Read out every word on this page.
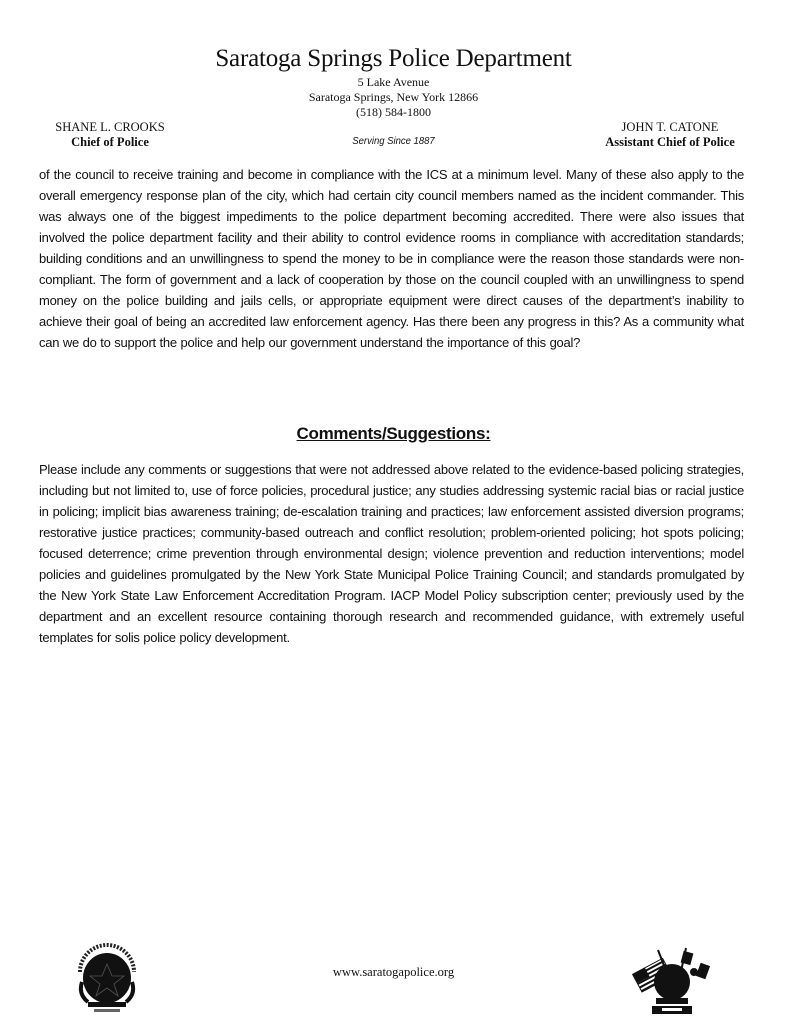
Saratoga Springs Police Department
5 Lake Avenue
Saratoga Springs, New York 12866
(518) 584-1800
SHANE L. CROOKS
Chief of Police	Serving Since 1887
JOHN T. CATONE
Assistant Chief of Police

of the council to receive training and become in compliance with the ICS at a minimum level. Many of these also apply to the overall emergency response plan of the city, which had certain city council members named as the incident commander. This was always one of the biggest impediments to the police department becoming accredited. There were also issues that involved the police department facility and their ability to control evidence rooms in compliance with accreditation standards; building conditions and an unwillingness to spend the money to be in compliance were the reason those standards were non-compliant. The form of government and a lack of cooperation by those on the council coupled with an unwillingness to spend money on the police building and jails cells, or appropriate equipment were direct causes of the department’s inability to achieve their goal of being an accredited law enforcement agency. Has there been any progress in this? As a community what can we do to support the police and help our government understand the importance of this goal?

Comments/Suggestions:

Please include any comments or suggestions that were not addressed above related to the evidence-based policing strategies, including but not limited to, use of force policies, procedural justice; any studies addressing systemic racial bias or racial justice in policing; implicit bias awareness training; de-escalation training and practices; law enforcement assisted diversion programs; restorative justice practices; community-based outreach and conflict resolution; problem-oriented policing; hot spots policing; focused deterrence; crime prevention through environmental design; violence prevention and reduction interventions; model policies and guidelines promulgated by the New York State Municipal Police Training Council; and standards promulgated by the New York State Law Enforcement Accreditation Program. IACP Model Policy subscription center; previously used by the department and an excellent resource containing thorough research and recommended guidance, with extremely useful templates for solis police policy development.

www.saratogapolice.org
